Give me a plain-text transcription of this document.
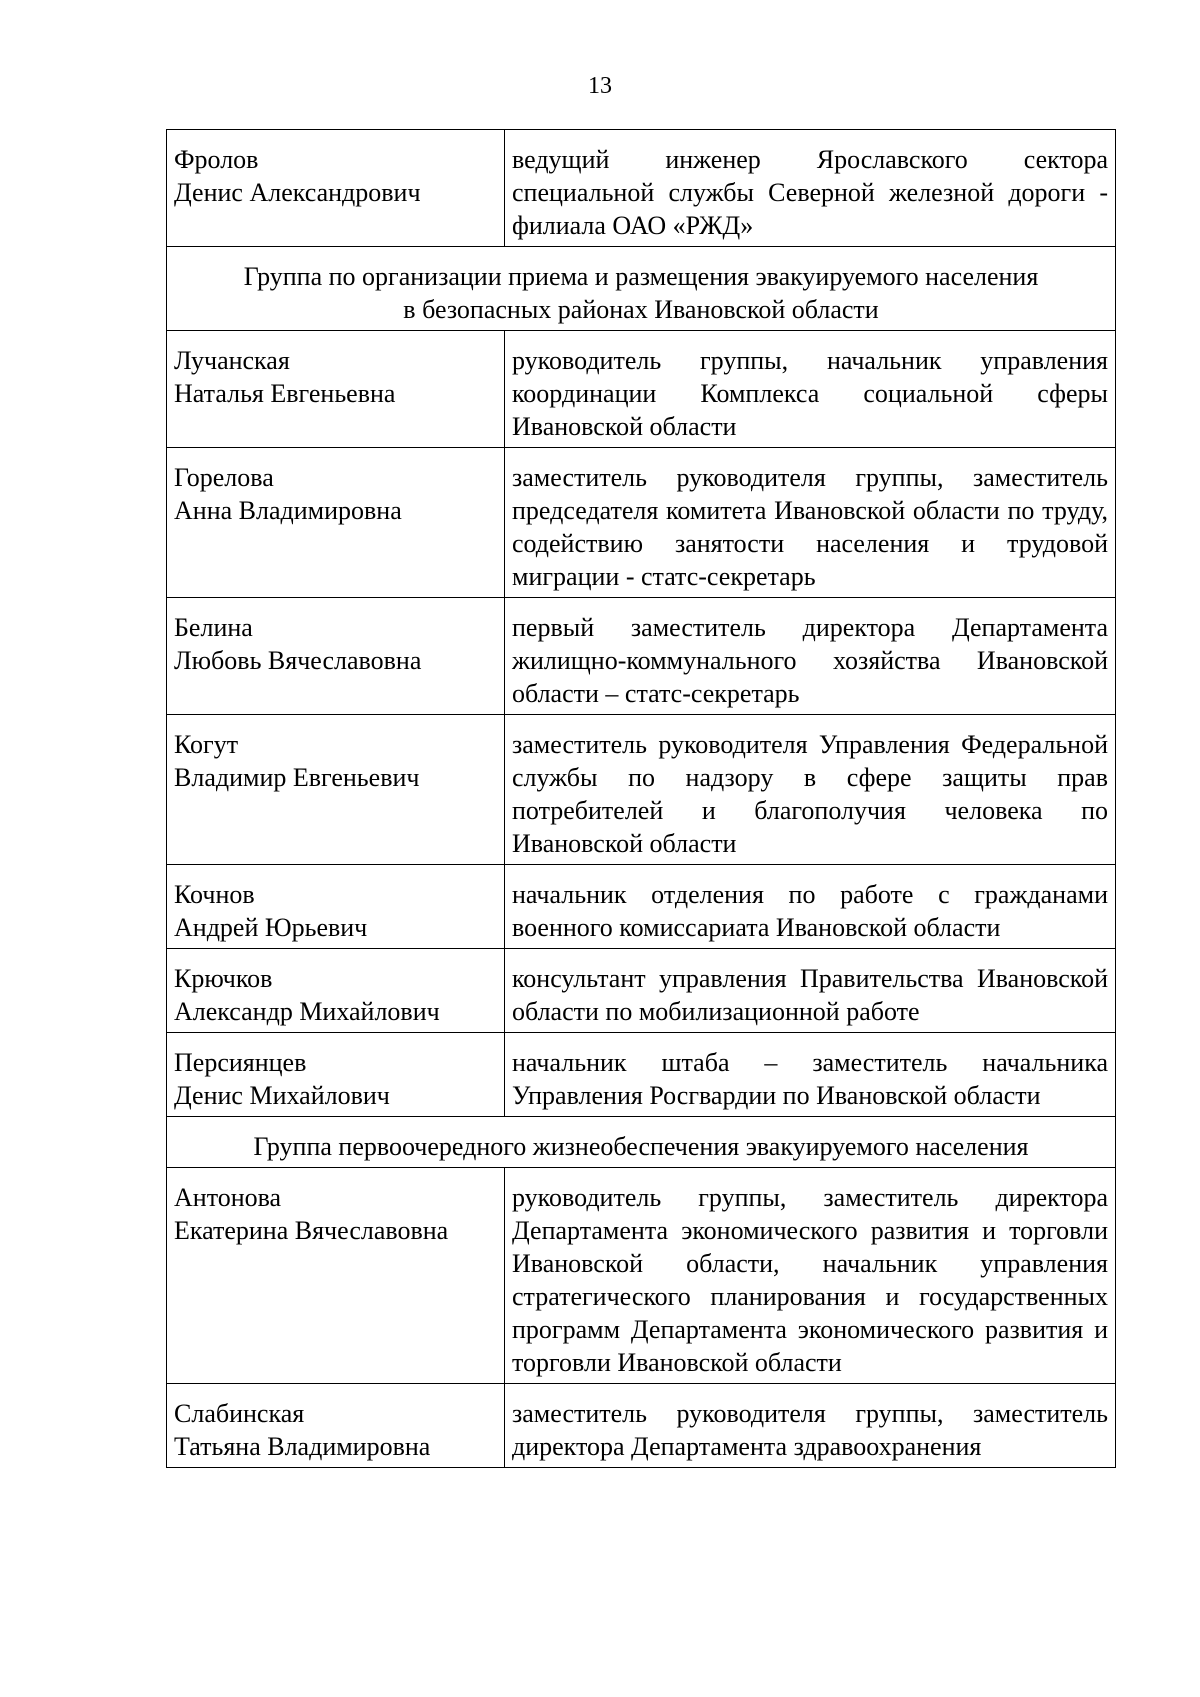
13
Фролов
Денис Александрович	ведущий инженер Ярославского сектора специальной службы Северной железной дороги - филиала ОАО «РЖД»

Группа по организации приема и размещения эвакуируемого населения
в безопасных районах Ивановской области	

Лучанская
Наталья Евгеньевна	руководитель группы, начальник управления координации Комплекса социальной сферы Ивановской области

Горелова
Анна Владимировна	заместитель руководителя группы, заместитель председателя комитета Ивановской области по труду, содействию занятости населения и трудовой миграции - статс-секретарь

Белина
Любовь Вячеславовна	первый заместитель директора Департамента жилищно-коммунального хозяйства Ивановской области – статс-секретарь

Когут
Владимир Евгеньевич	заместитель руководителя Управления Федеральной службы по надзору в сфере защиты прав потребителей и благополучия человека по Ивановской области

Кочнов
Андрей Юрьевич	начальник отделения по работе с гражданами военного комиссариата Ивановской области

Крючков
Александр Михайлович	консультант управления Правительства Ивановской области по мобилизационной работе

Персиянцев
Денис Михайлович	начальник штаба – заместитель начальника Управления Росгвардии по Ивановской области

Группа первоочередного жизнеобеспечения эвакуируемого населения	

Антонова
Екатерина Вячеславовна	руководитель группы, заместитель директора Департамента экономического развития и торговли Ивановской области, начальник управления стратегического планирования и государственных программ Департамента экономического развития и торговли Ивановской области

Слабинская
Татьяна Владимировна	заместитель руководителя группы, заместитель директора Департамента здравоохранения
